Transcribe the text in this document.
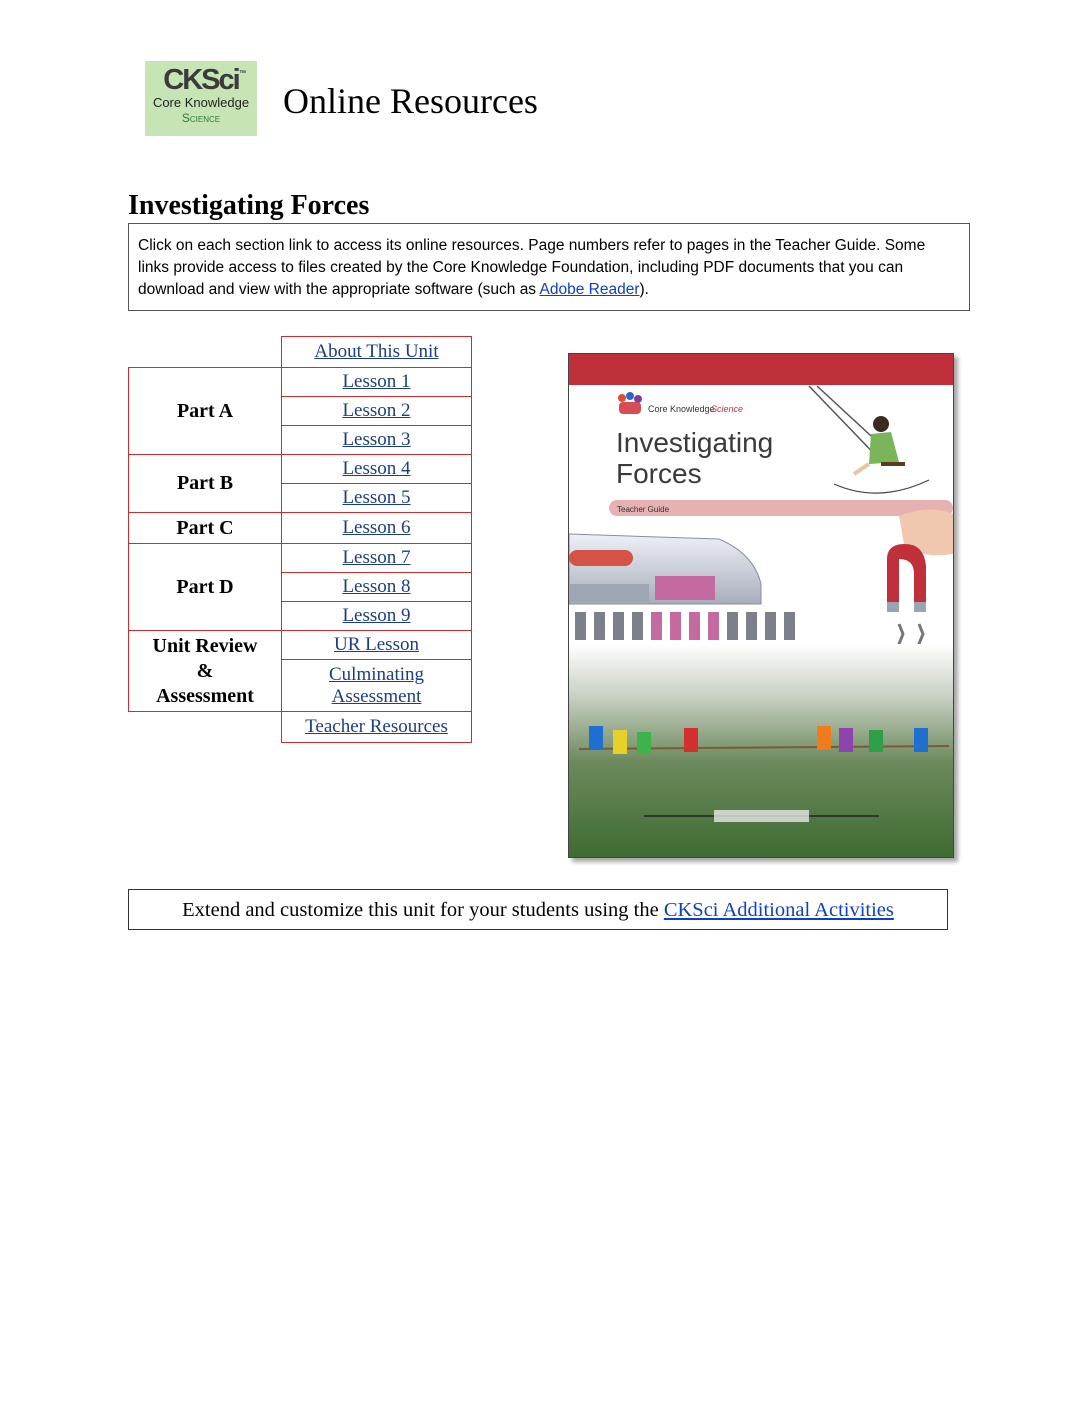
CKSci ™
Core Knowledge
Science	Online Resources
Investigating Forces
Click on each section link to access its online resources. Page numbers refer to pages in the Teacher Guide. Some links provide access to files created by the Core Knowledge Foundation, including PDF documents that you can download and view with the appropriate software (such as Adobe Reader).
	About This Unit
Part A	Lesson 1
	Lesson 2
	Lesson 3
Part B	Lesson 4
	Lesson 5
Part C	Lesson 6
Part D	Lesson 7
	Lesson 8
	Lesson 9
Unit Review
&
Assessment	UR Lesson
	Culminating
Assessment
	Teacher Resources
Core Knowledge
Science
Investigating
Forces
Teacher Guide
Extend and customize this unit for your students using the CKSci Additional Activities
